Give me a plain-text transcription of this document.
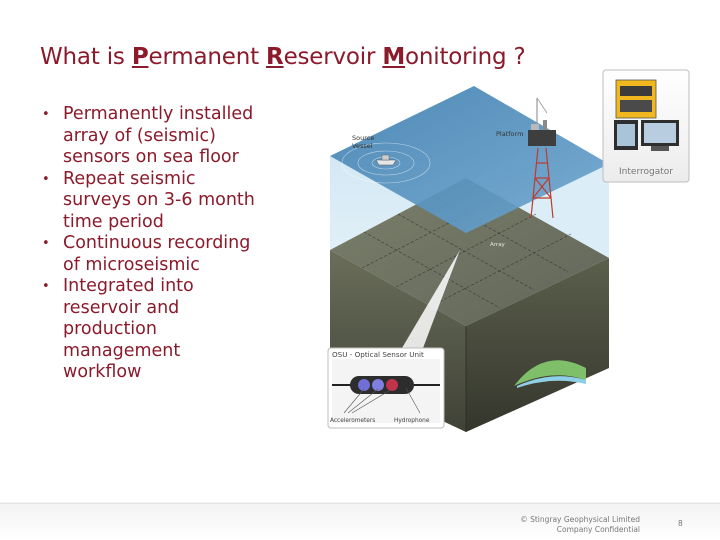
What is Permanent Reservoir Monitoring ?
• Permanently installed array of (seismic) sensors on sea floor
• Repeat seismic surveys on 3-6 month time period
• Continuous recording of microseismic
• Integrated into reservoir and production management workflow
Source
Vessel
Platform
Array
Interrogator
OSU - Optical Sensor Unit
Accelerometers	Hydrophone
© Stingray Geophysical Limited
Company Confidential
8
